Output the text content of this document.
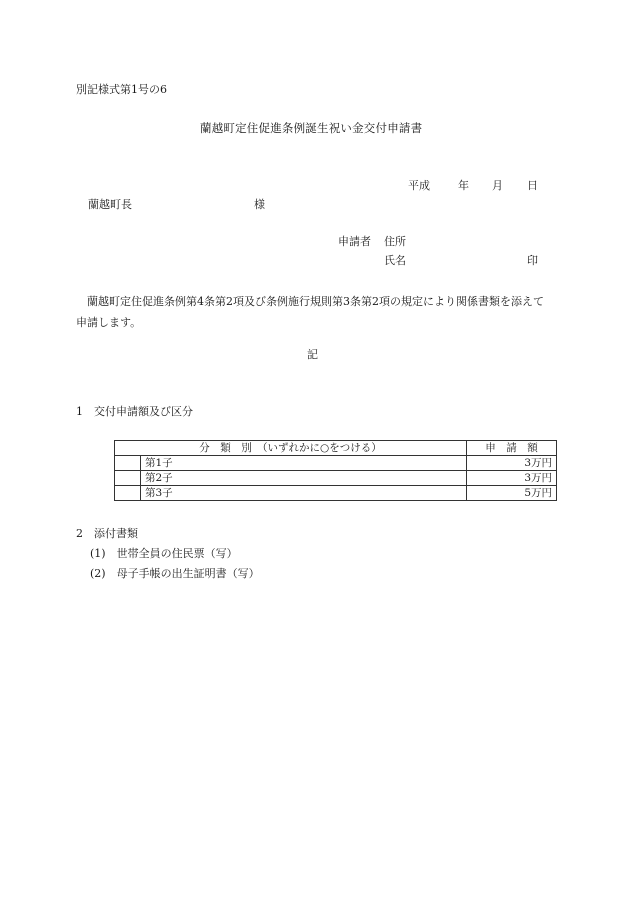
別記様式第1号の6
蘭越町定住促進条例誕生祝い金交付申請書
平成	年 月 日
蘭越町長	様
申請者 住所
氏名	印

蘭越町定住促進条例第4条第2項及び条例施行規則第3条第2項の規定により関係書類を添えて申請します。

記
1　交付申請額及び区分
分　類　別　（いずれかに○をつける）		申　請　額
	第1子	3万円
	第2子	3万円
	第3子	5万円
2　添付書類
(1)　世帯全員の住民票（写）
(2)　母子手帳の出生証明書（写）
